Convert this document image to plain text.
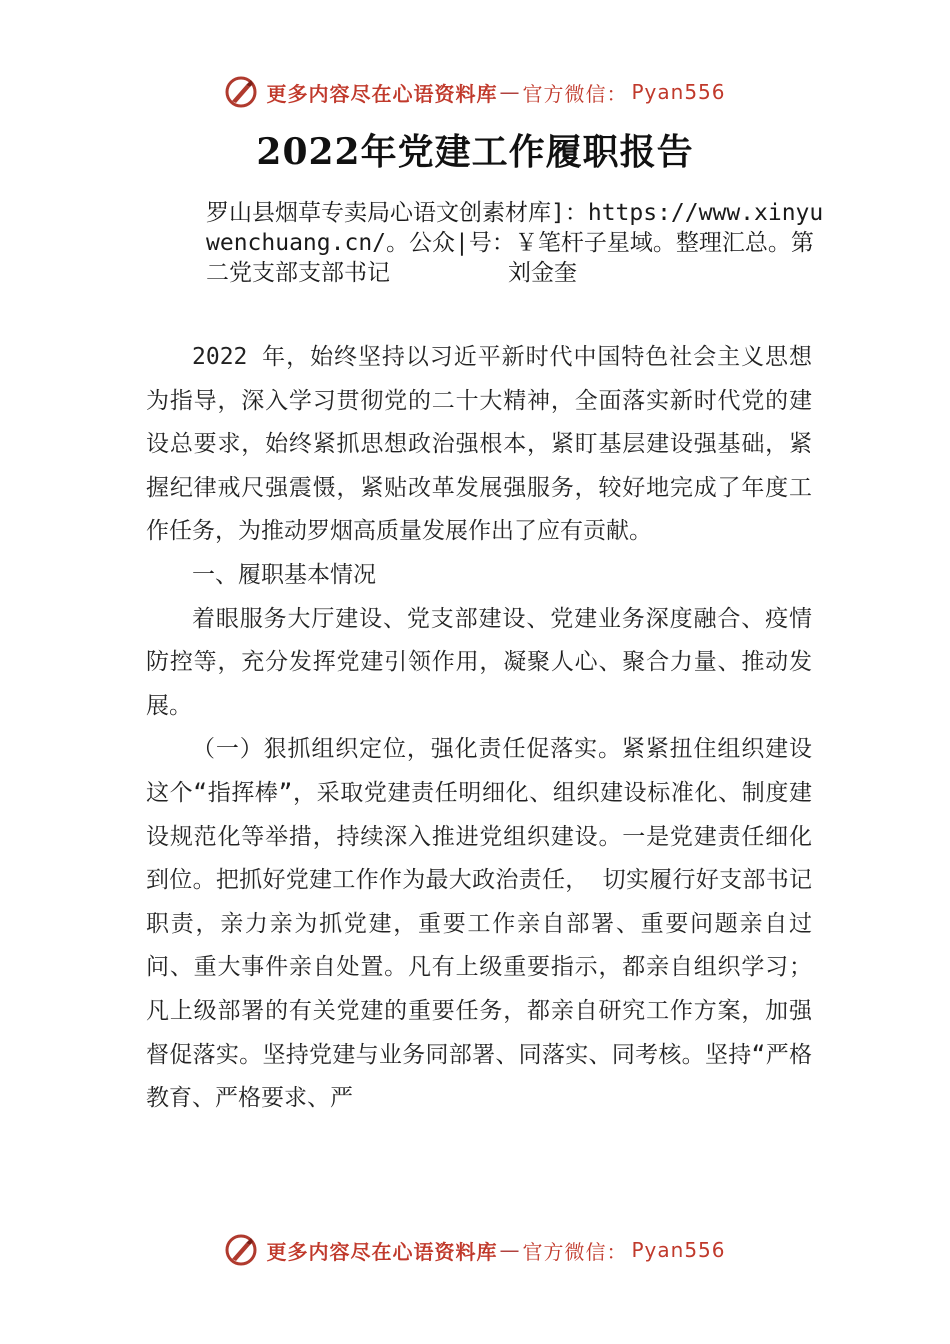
更多内容尽在心语资料库 — 官方微信： Pyan556
2022年党建工作履职报告
罗山县烟草专卖局心语文创素材库]：https://www.xinyuwenchuang.cn/。公众|号：￥笔杆子星域。整理汇总。第二党支部支部书记	刘金奎

2022 年，始终坚持以习近平新时代中国特色社会主义思想为指导，深入学习贯彻党的二十大精神，全面落实新时代党的建设总要求，始终紧抓思想政治强根本，紧盯基层建设强基础，紧握纪律戒尺强震慑，紧贴改革发展强服务，较好地完成了年度工作任务，为推动罗烟高质量发展作出了应有贡献。

一、履职基本情况

着眼服务大厅建设、党支部建设、党建业务深度融合、疫情防控等，充分发挥党建引领作用，凝聚人心、聚合力量、推动发展。

（一）狠抓组织定位，强化责任促落实。紧紧扭住组织建设这个“指挥棒”，采取党建责任明细化、组织建设标准化、制度建设规范化等举措，持续深入推进党组织建设。一是党建责任细化到位。把抓好党建工作作为最大政治责任， 切实履行好支部书记职责，亲力亲为抓党建，重要工作亲自部署、重要问题亲自过问、重大事件亲自处置。凡有上级重要指示，都亲自组织学习；凡上级部署的有关党建的重要任务，都亲自研究工作方案，加强督促落实。坚持党建与业务同部署、同落实、同考核。坚持“严格教育、严格要求、严

更多内容尽在心语资料库 — 官方微信： Pyan556
